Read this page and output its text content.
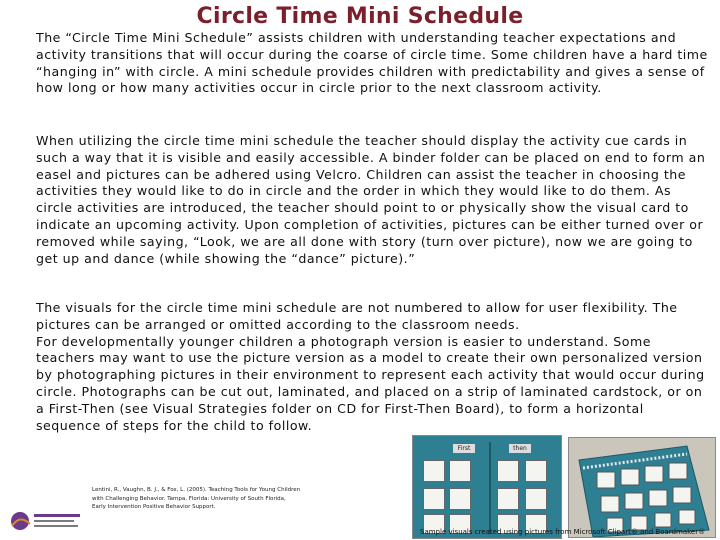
Circle Time Mini Schedule

The “Circle Time Mini Schedule” assists children with understanding teacher expectations and activity transitions that will occur during the coarse of circle time. Some children have a hard time “hanging in” with circle. A mini schedule provides children with predictability and gives a sense of how long or how many activities occur in circle prior to the next classroom activity.

When utilizing the circle time mini schedule the teacher should display the activity cue cards in such a way that it is visible and easily accessible. A binder folder can be placed on end to form an easel and pictures can be adhered using Velcro. Children can assist the teacher in choosing the activities they would like to do in circle and the order in which they would like to do them. As circle activities are introduced, the teacher should point to or physically show the visual card to indicate an upcoming activity. Upon completion of activities, pictures can be either turned over or removed while saying, “Look, we are all done with story (turn over picture), now we are going to get up and dance (while showing the “dance” picture).”

The visuals for the circle time mini schedule are not numbered to allow for user flexibility. The pictures can be arranged or omitted according to the classroom needs.
For developmentally younger children a photograph version is easier to understand. Some teachers may want to use the picture version as a model to create their own personalized version by photographing pictures in their environment to represent each activity that would occur during circle. Photographs can be cut out, laminated, and placed on a strip of laminated cardstock, or on a First-Then (see Visual Strategies folder on CD for First-Then Board), to form a horizontal sequence of steps for the child to follow.

First	then
Lentini, R., Vaughn, B. J., & Fox, L. (2005). Teaching Tools for Young Children
with Challenging Behavior. Tampa, Florida: University of South Florida,
Early Intervention Positive Behavior Support.
Sample visuals created using pictures from Microsoft Clipart® and Boardmaker®
